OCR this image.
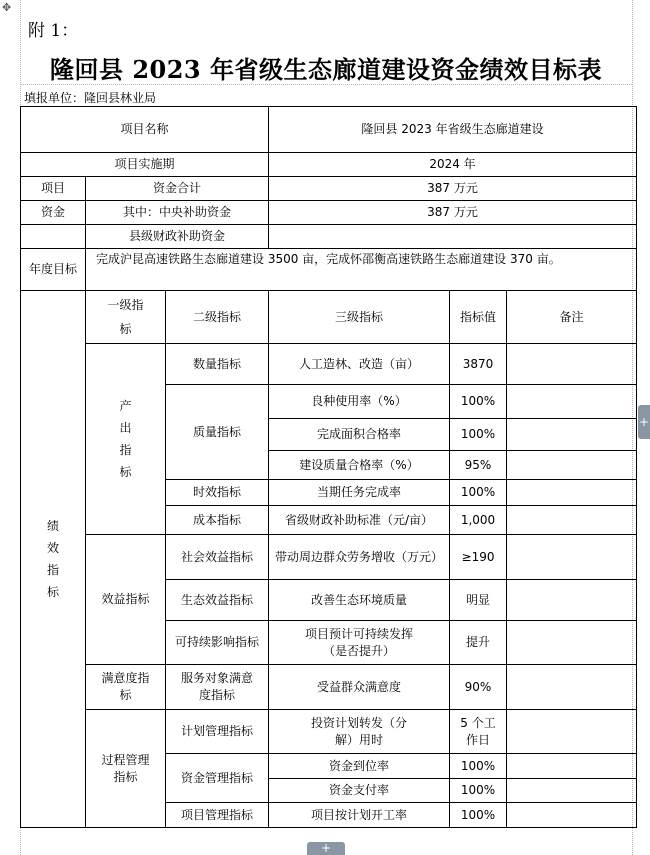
✥
附 1：
隆回县 2023 年省级生态廊道建设资金绩效目标表
填报单位：隆回县林业局
项目名称			隆回县 2023 年省级生态廊道建设		
项目实施期			2024 年		
项目	资金合计		387 万元		
资金	其中：中央补助资金		387 万元		
	县级财政补助资金				
年度目标	完成沪昆高速铁路生态廊道建设 3500 亩，完成怀邵衡高速铁路生态廊道建设 370 亩。				
绩效指标	一级指标	二级指标	三级指标	指标值	备注
	产出指标	数量指标	人工造林、改造（亩）	3870	
		质量指标	良种使用率（%）	100%	
			完成面积合格率	100%	
			建设质量合格率（%）	95%	
		时效指标	当期任务完成率	100%	
		成本指标	省级财政补助标准（元/亩）	1,000	
	效益指标	社会效益指标	带动周边群众劳务增收（万元）	≥190	
		生态效益指标	改善生态环境质量	明显	
		可持续影响指标	项目预计可持续发挥（是否提升）	提升	
	满意度指标	服务对象满意度指标	受益群众满意度	90%	
	过程管理指标	计划管理指标	投资计划转发（分解）用时	5 个工作日	
		资金管理指标	资金到位率	100%	
			资金支付率	100%	
		项目管理指标	项目按计划开工率	100%	
+
+
